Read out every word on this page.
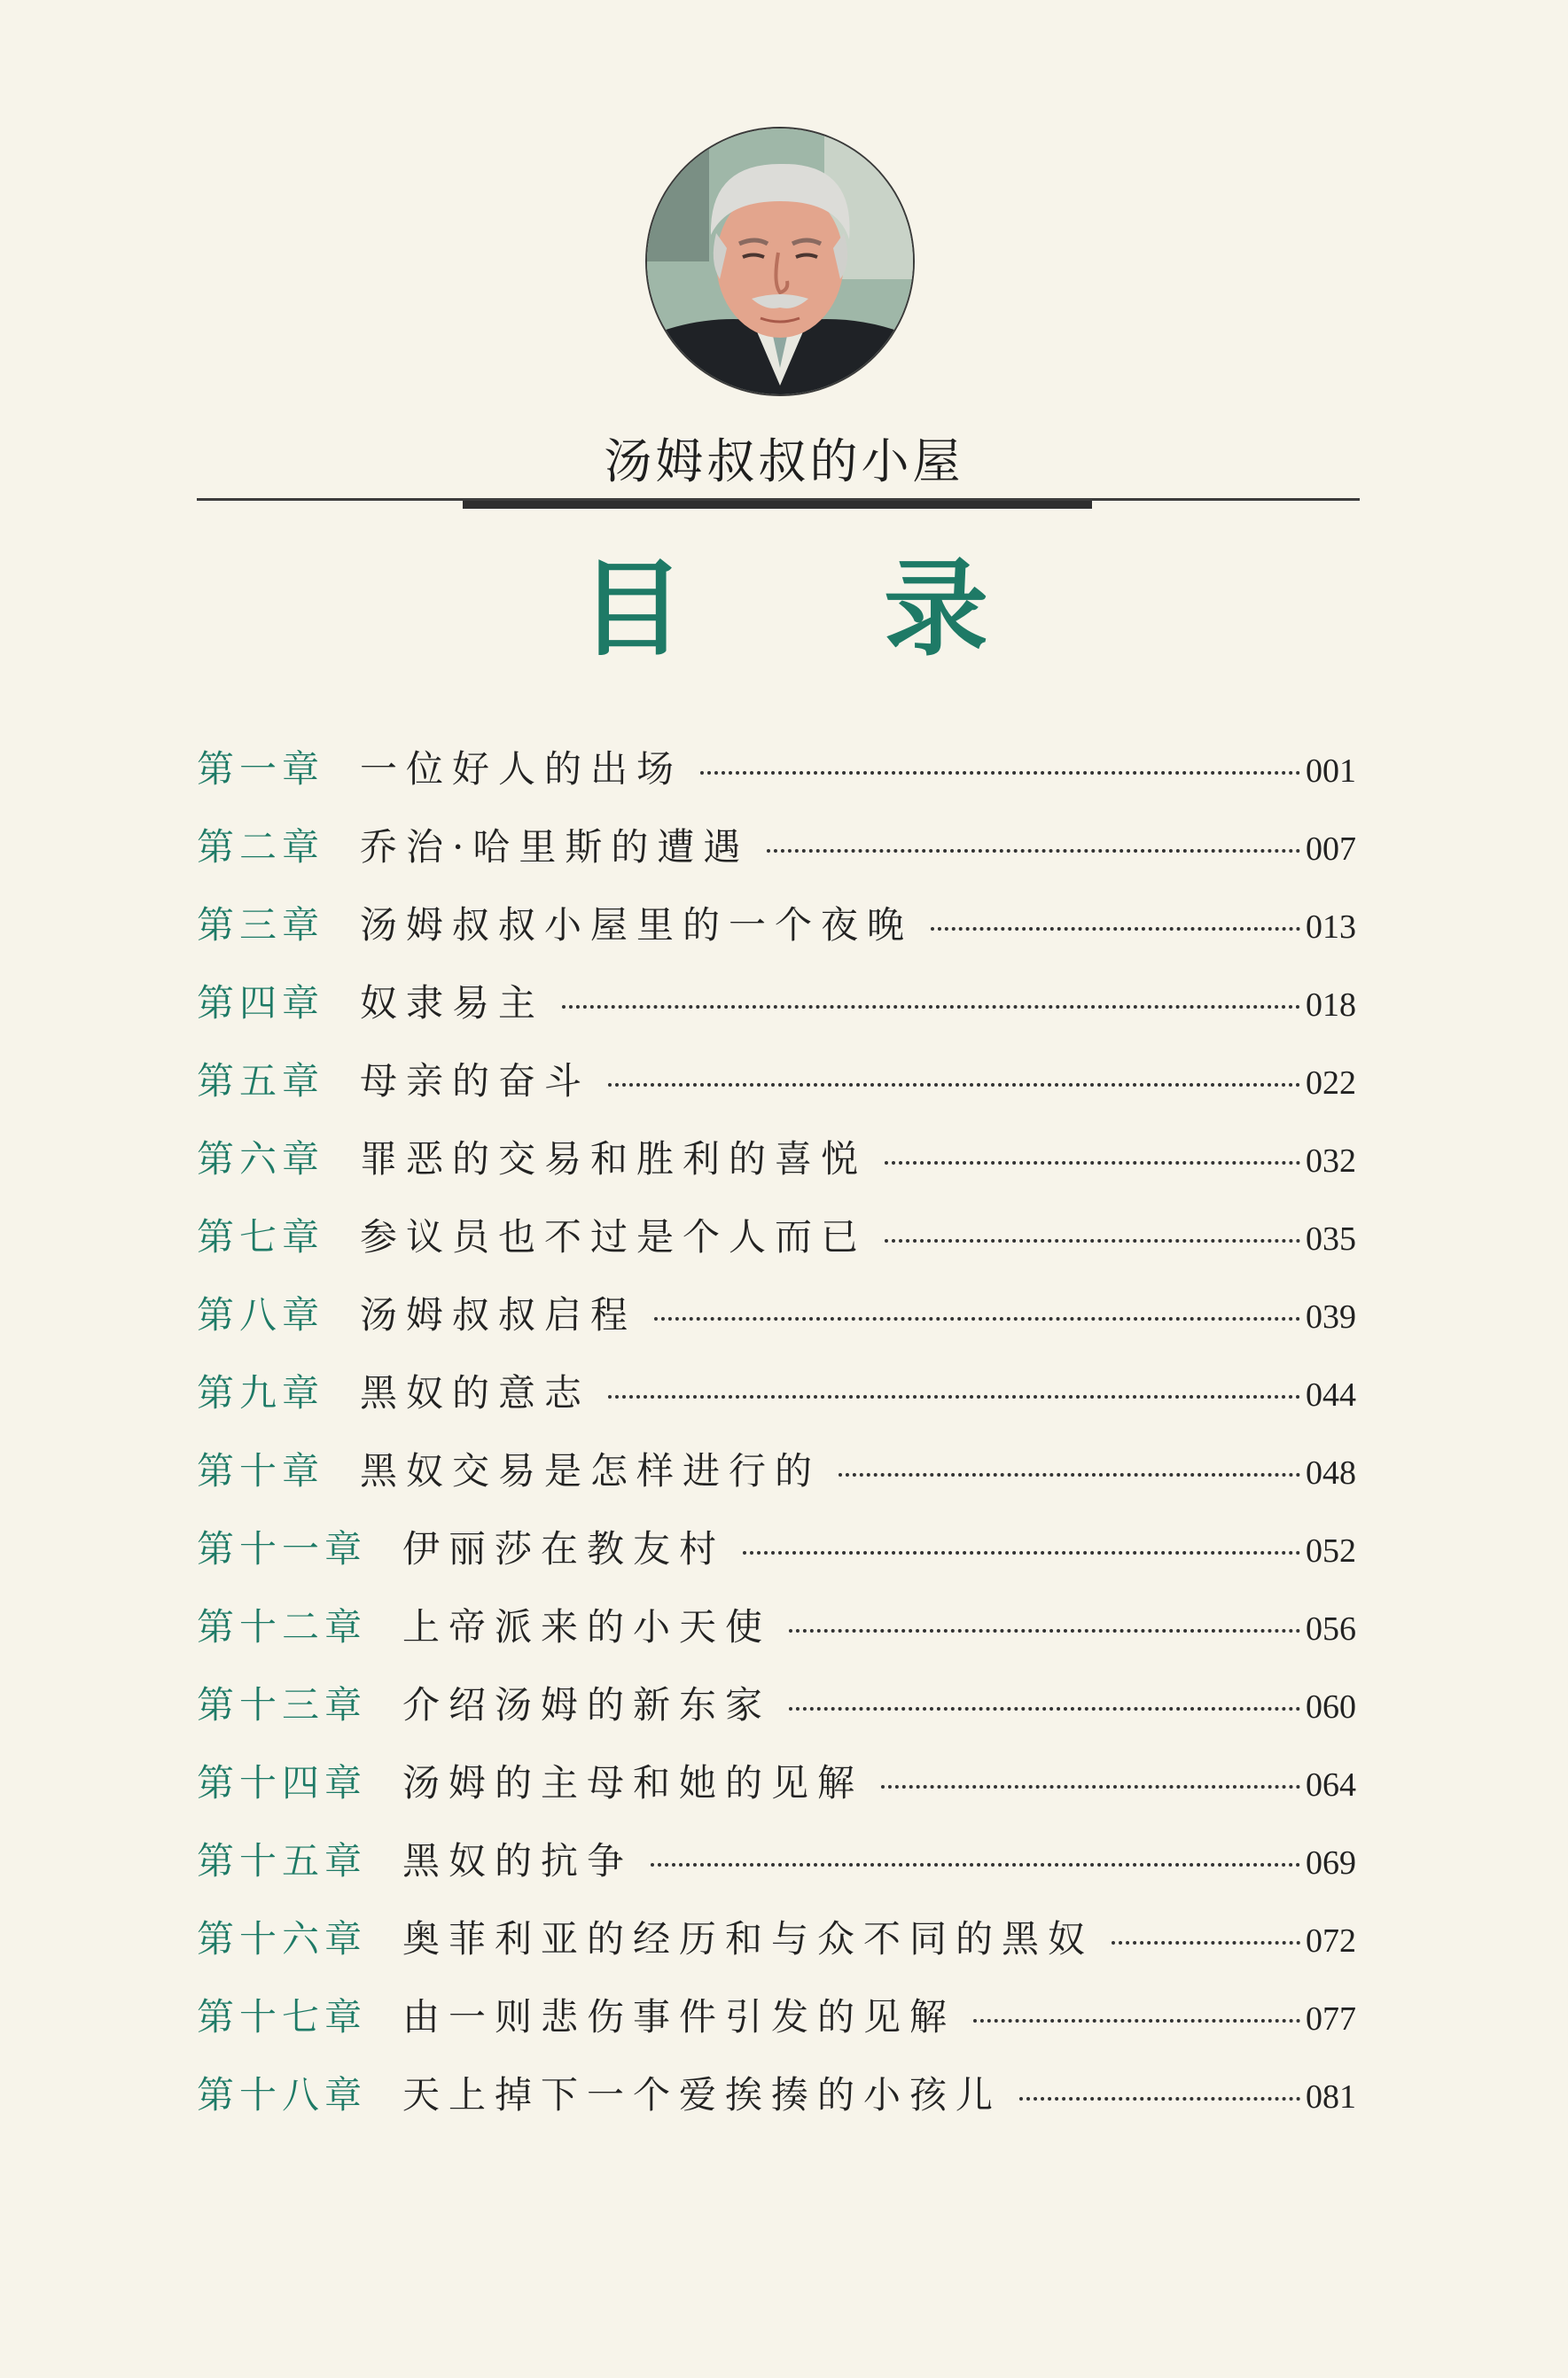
汤姆叔叔的小屋
目 录
第一章 一位好人的出场	001
第二章 乔治·哈里斯的遭遇	007
第三章 汤姆叔叔小屋里的一个夜晚	013
第四章 奴隶易主	018
第五章 母亲的奋斗	022
第六章 罪恶的交易和胜利的喜悦	032
第七章 参议员也不过是个人而已	035
第八章 汤姆叔叔启程	039
第九章 黑奴的意志	044
第十章 黑奴交易是怎样进行的	048
第十一章 伊丽莎在教友村	052
第十二章 上帝派来的小天使	056
第十三章 介绍汤姆的新东家	060
第十四章 汤姆的主母和她的见解	064
第十五章 黑奴的抗争	069
第十六章 奥菲利亚的经历和与众不同的黑奴	072
第十七章 由一则悲伤事件引发的见解	077
第十八章 天上掉下一个爱挨揍的小孩儿	081
